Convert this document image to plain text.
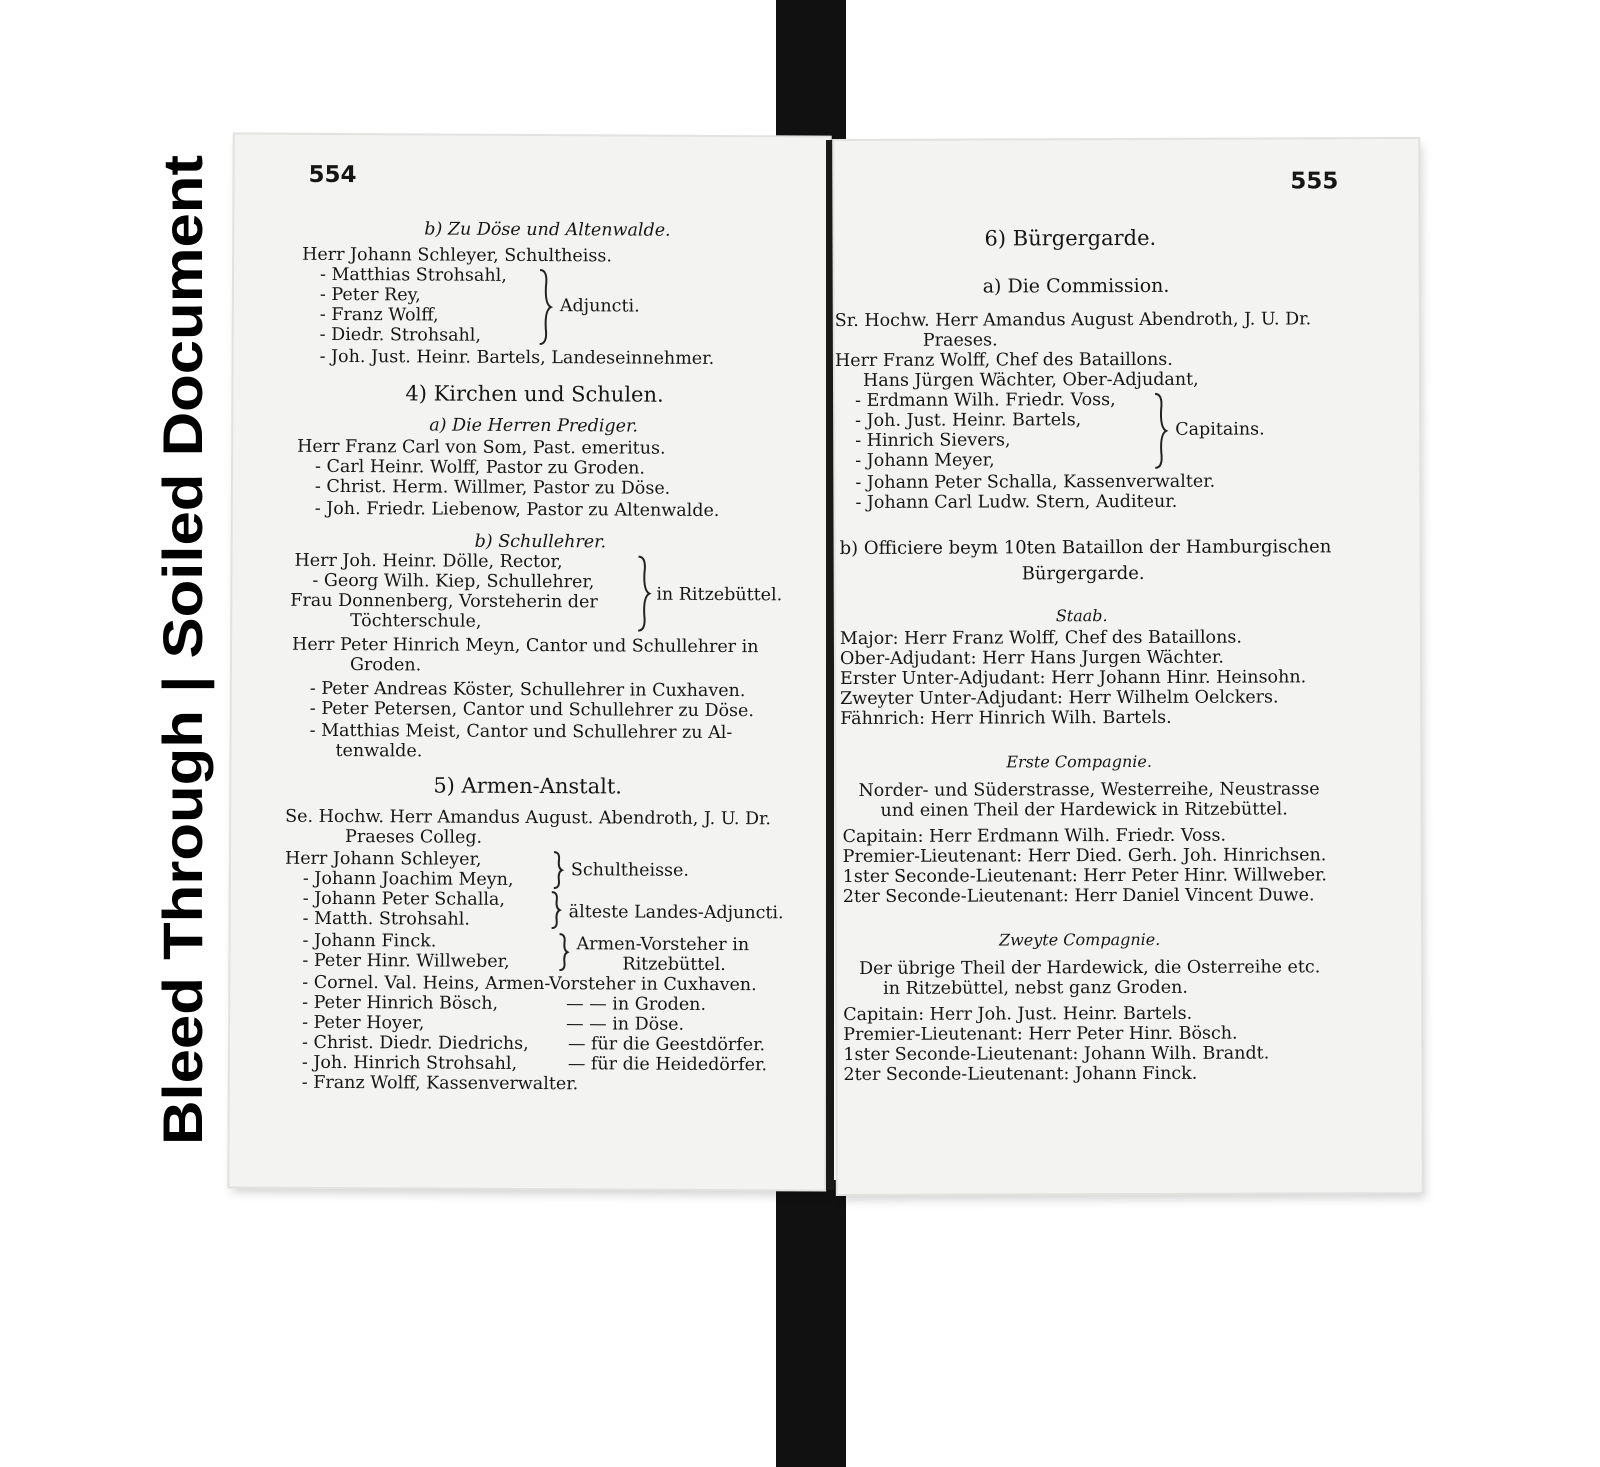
Bleed Through | Soiled Document
554
b) Zu Döse und Altenwalde.
Herr Johann Schleyer, Schultheiss.
- Matthias Strohsahl,
- Peter Rey,
- Franz Wolff,
- Diedr. Strohsahl,
Adjuncti.
- Joh. Just. Heinr. Bartels, Landeseinnehmer.
4) Kirchen und Schulen.
a) Die Herren Prediger.
Herr Franz Carl von Som, Past. emeritus.
- Carl Heinr. Wolff, Pastor zu Groden.
- Christ. Herm. Willmer, Pastor zu Döse.
- Joh. Friedr. Liebenow, Pastor zu Altenwalde.
b) Schullehrer.
Herr Joh. Heinr. Dölle, Rector,
- Georg Wilh. Kiep, Schullehrer,
Frau Donnenberg, Vorsteherin der
Töchterschule,
in Ritzebüttel.
Herr Peter Hinrich Meyn, Cantor und Schullehrer in
Groden.
- Peter Andreas Köster, Schullehrer in Cuxhaven.
- Peter Petersen, Cantor und Schullehrer zu Döse.
- Matthias Meist, Cantor und Schullehrer zu Al-
tenwalde.
5) Armen-Anstalt.
Se. Hochw. Herr Amandus August. Abendroth, J. U. Dr.
Praeses Colleg.
Herr Johann Schleyer,
- Johann Joachim Meyn,	Schultheisse.
- Johann Peter Schalla,
- Matth. Strohsahl.	älteste Landes-Adjuncti.
- Johann Finck.
- Peter Hinr. Willweber,
Armen-Vorsteher in
Ritzebüttel.
- Cornel. Val. Heins, Armen-Vorsteher in Cuxhaven.
- Peter Hinrich Bösch,	— — in Groden.
- Peter Hoyer,	— — in Döse.
- Christ. Diedr. Diedrichs, — für die Geestdörfer.
- Joh. Hinrich Strohsahl,	— für die Heidedörfer.
- Franz Wolff, Kassenverwalter.
555
6) Bürgergarde.
a) Die Commission.
Sr. Hochw. Herr Amandus August Abendroth, J. U. Dr.
Praeses.
Herr Franz Wolff, Chef des Bataillons.
Hans Jürgen Wächter, Ober-Adjudant,
- Erdmann Wilh. Friedr. Voss,
- Joh. Just. Heinr. Bartels,
- Hinrich Sievers,
- Johann Meyer,
Capitains.
- Johann Peter Schalla, Kassenverwalter.
- Johann Carl Ludw. Stern, Auditeur.
b) Officiere beym 10ten Bataillon der Hamburgischen
Bürgergarde.
Staab.
Major: Herr Franz Wolff, Chef des Bataillons.
Ober-Adjudant: Herr Hans Jurgen Wächter.
Erster Unter-Adjudant: Herr Johann Hinr. Heinsohn.
Zweyter Unter-Adjudant: Herr Wilhelm Oelckers.
Fähnrich: Herr Hinrich Wilh. Bartels.
Erste Compagnie.
Norder- und Süderstrasse, Westerreihe, Neustrasse
und einen Theil der Hardewick in Ritzebüttel.
Capitain: Herr Erdmann Wilh. Friedr. Voss.
Premier-Lieutenant: Herr Died. Gerh. Joh. Hinrichsen.
1ster Seconde-Lieutenant: Herr Peter Hinr. Willweber.
2ter Seconde-Lieutenant: Herr Daniel Vincent Duwe.
Zweyte Compagnie.
Der übrige Theil der Hardewick, die Osterreihe etc.
in Ritzebüttel, nebst ganz Groden.
Capitain: Herr Joh. Just. Heinr. Bartels.
Premier-Lieutenant: Herr Peter Hinr. Bösch.
1ster Seconde-Lieutenant: Johann Wilh. Brandt.
2ter Seconde-Lieutenant: Johann Finck.
